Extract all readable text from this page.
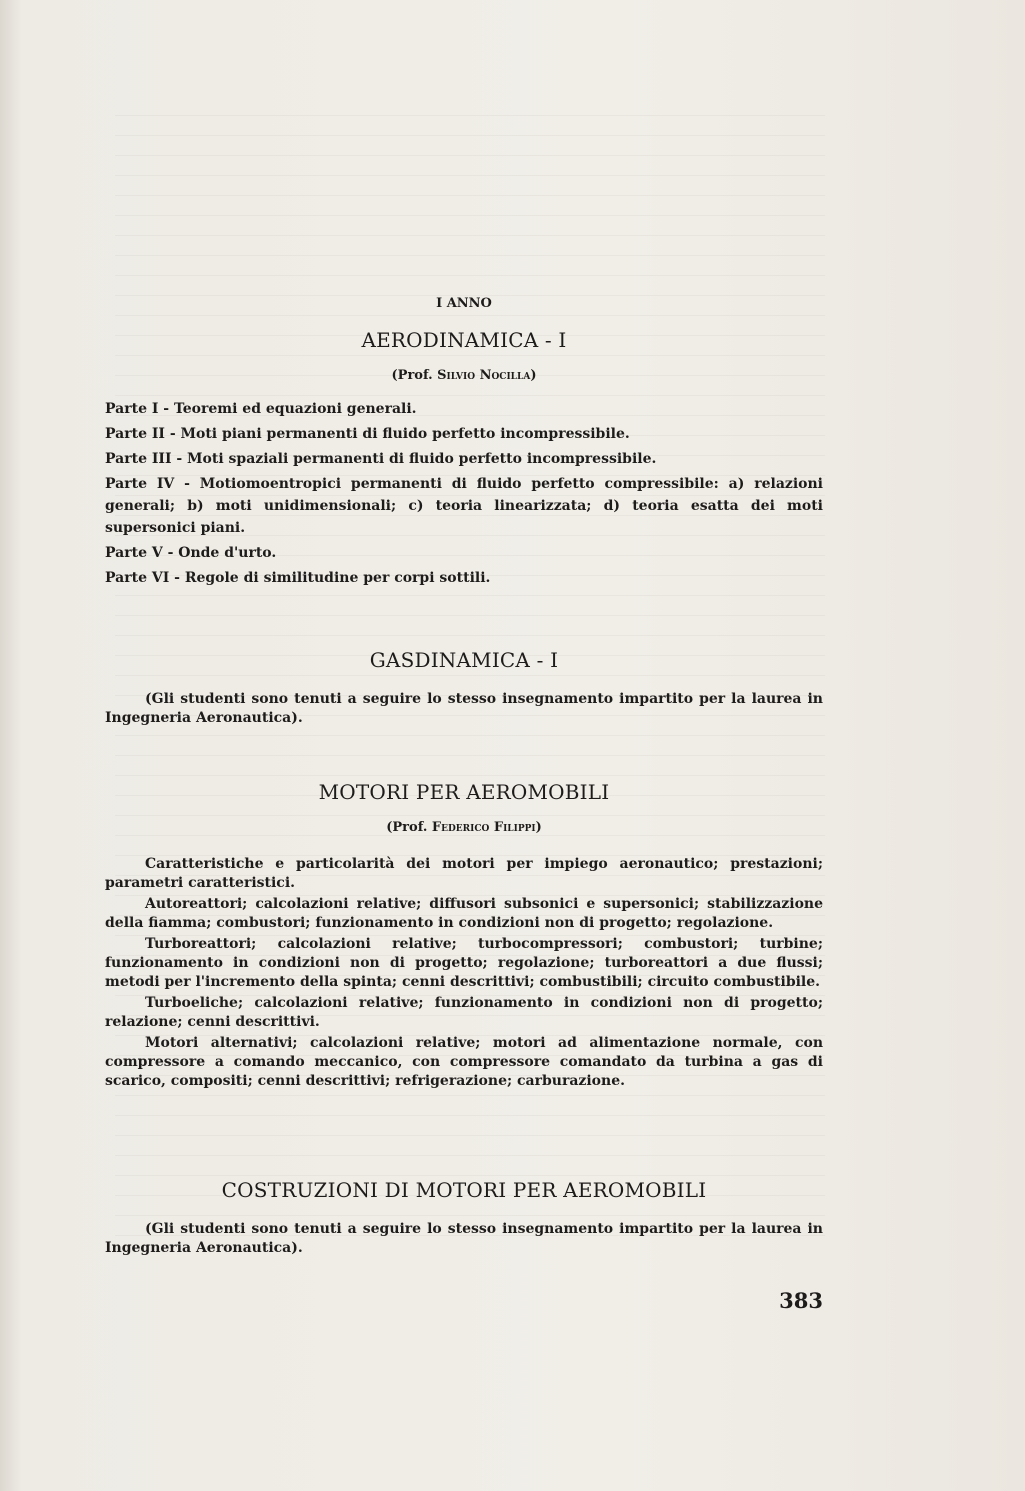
I ANNO
AERODINAMICA - I
(Prof. Silvio Nocilla)

Parte I - Teoremi ed equazioni generali.

Parte II - Moti piani permanenti di fluido perfetto incompressibile.

Parte III - Moti spaziali permanenti di fluido perfetto incompressibile.

Parte IV - Motiomoentropici permanenti di fluido perfetto compressibile: a) relazioni generali; b) moti unidimensionali; c) teoria linearizzata; d) teoria esatta dei moti supersonici piani.

Parte V - Onde d'urto.

Parte VI - Regole di similitudine per corpi sottili.

GASDINAMICA - I
(Gli studenti sono tenuti a seguire lo stesso insegnamento impartito per la laurea in Ingegneria Aeronautica).
MOTORI PER AEROMOBILI
(Prof. Federico Filippi)

Caratteristiche e particolarità dei motori per impiego aeronautico; prestazioni; parametri caratteristici.

Autoreattori; calcolazioni relative; diffusori subsonici e supersonici; stabilizzazione della fiamma; combustori; funzionamento in condizioni non di progetto; regolazione.

Turboreattori; calcolazioni relative; turbocompressori; combustori; turbine; funzionamento in condizioni non di progetto; regolazione; turboreattori a due flussi; metodi per l'incremento della spinta; cenni descrittivi; combustibili; circuito combustibile.

Turboeliche; calcolazioni relative; funzionamento in condizioni non di progetto; relazione; cenni descrittivi.

Motori alternativi; calcolazioni relative; motori ad alimentazione normale, con compressore a comando meccanico, con compressore comandato da turbina a gas di scarico, compositi; cenni descrittivi; refrigerazione; carburazione.

COSTRUZIONI DI MOTORI PER AEROMOBILI
(Gli studenti sono tenuti a seguire lo stesso insegnamento impartito per la laurea in Ingegneria Aeronautica).
383
